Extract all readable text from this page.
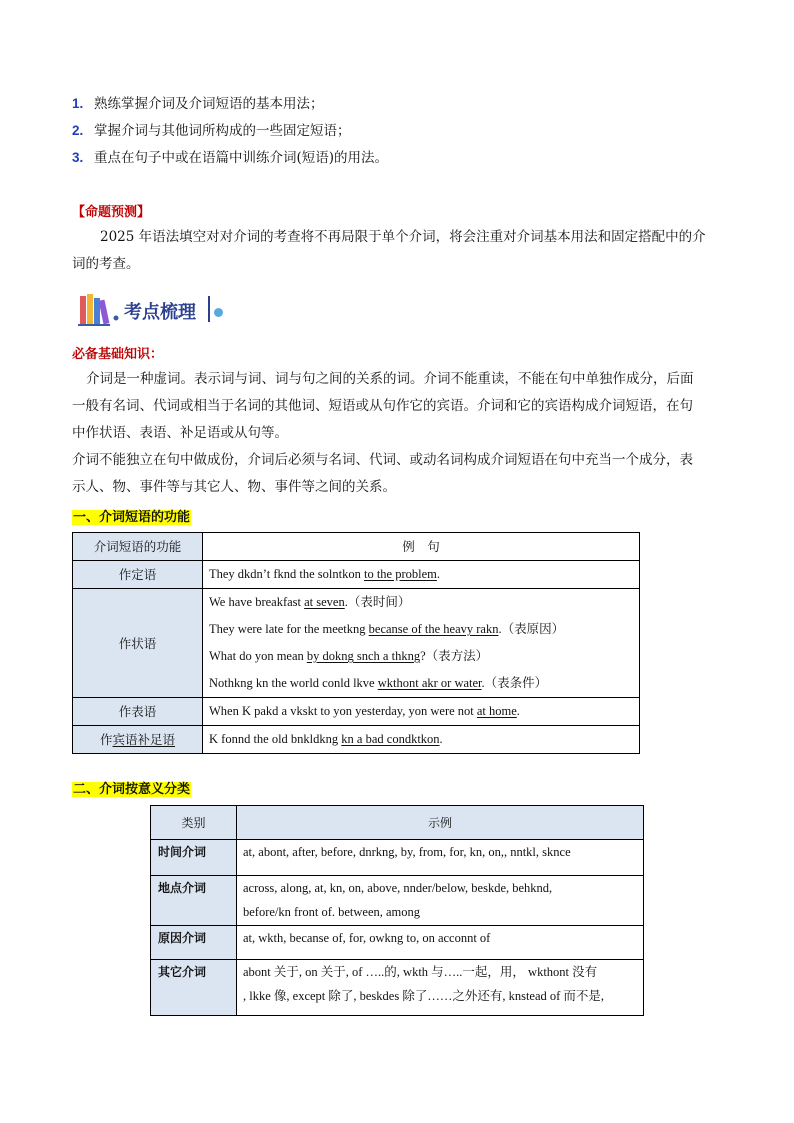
1. 熟练掌握介词及介词短语的基本用法；
2. 掌握介词与其他词所构成的一些固定短语；
3. 重点在句子中或在语篇中训练介词(短语)的用法。
【命题预测】
2025 年语法填空对对介词的考查将不再局限于单个介词，将会注重对介词基本用法和固定搭配中的介
词的考查。
考点梳理
必备基础知识：
介词是一种虚词。表示词与词、词与句之间的关系的词。介词不能重读，不能在句中单独作成分，后面
一般有名词、代词或相当于名词的其他词、短语或从句作它的宾语。介词和它的宾语构成介词短语，在句
中作状语、表语、补足语或从句等。
介词不能独立在句中做成份，介词后必须与名词、代词、或动名词构成介词短语在句中充当一个成分，表
示人、物、事件等与其它人、物、事件等之间的关系。
一、介词短语的功能
介词短语的功能	例　句
作定语	They dkdn’t fknd the solntkon to the problem.

作状语	We have breakfast at seven.（表时间）
They were late for the meetkng becanse of the heavy rakn.（表原因）
What do yon mean by dokng snch a thkng?（表方法）
Nothkng kn the world conld lkve wkthont akr or water.（表条件）

作表语	When K pakd a vkskt to yon yesterday, yon were not at home.

作宾语补足语	K fonnd the old bnkldkng kn a bad condktkon.
二、介词按意义分类
类别	示例

时间介词	at, abont, after, before, dnrkng, by, from, for, kn, on,, nntkl, sknce

地点介词	across, along, at, kn, on, above, nnder/below, beskde, behknd,
before/kn front of. between, among

原因介词	at, wkth, becanse of, for, owkng to, on acconnt of

其它介词	abont 关于, on 关于, of …..的, wkth 与…..一起，用， wkthont 没有
, lkke 像, except 除了, beskdes 除了……之外还有, knstead of 而不是,
